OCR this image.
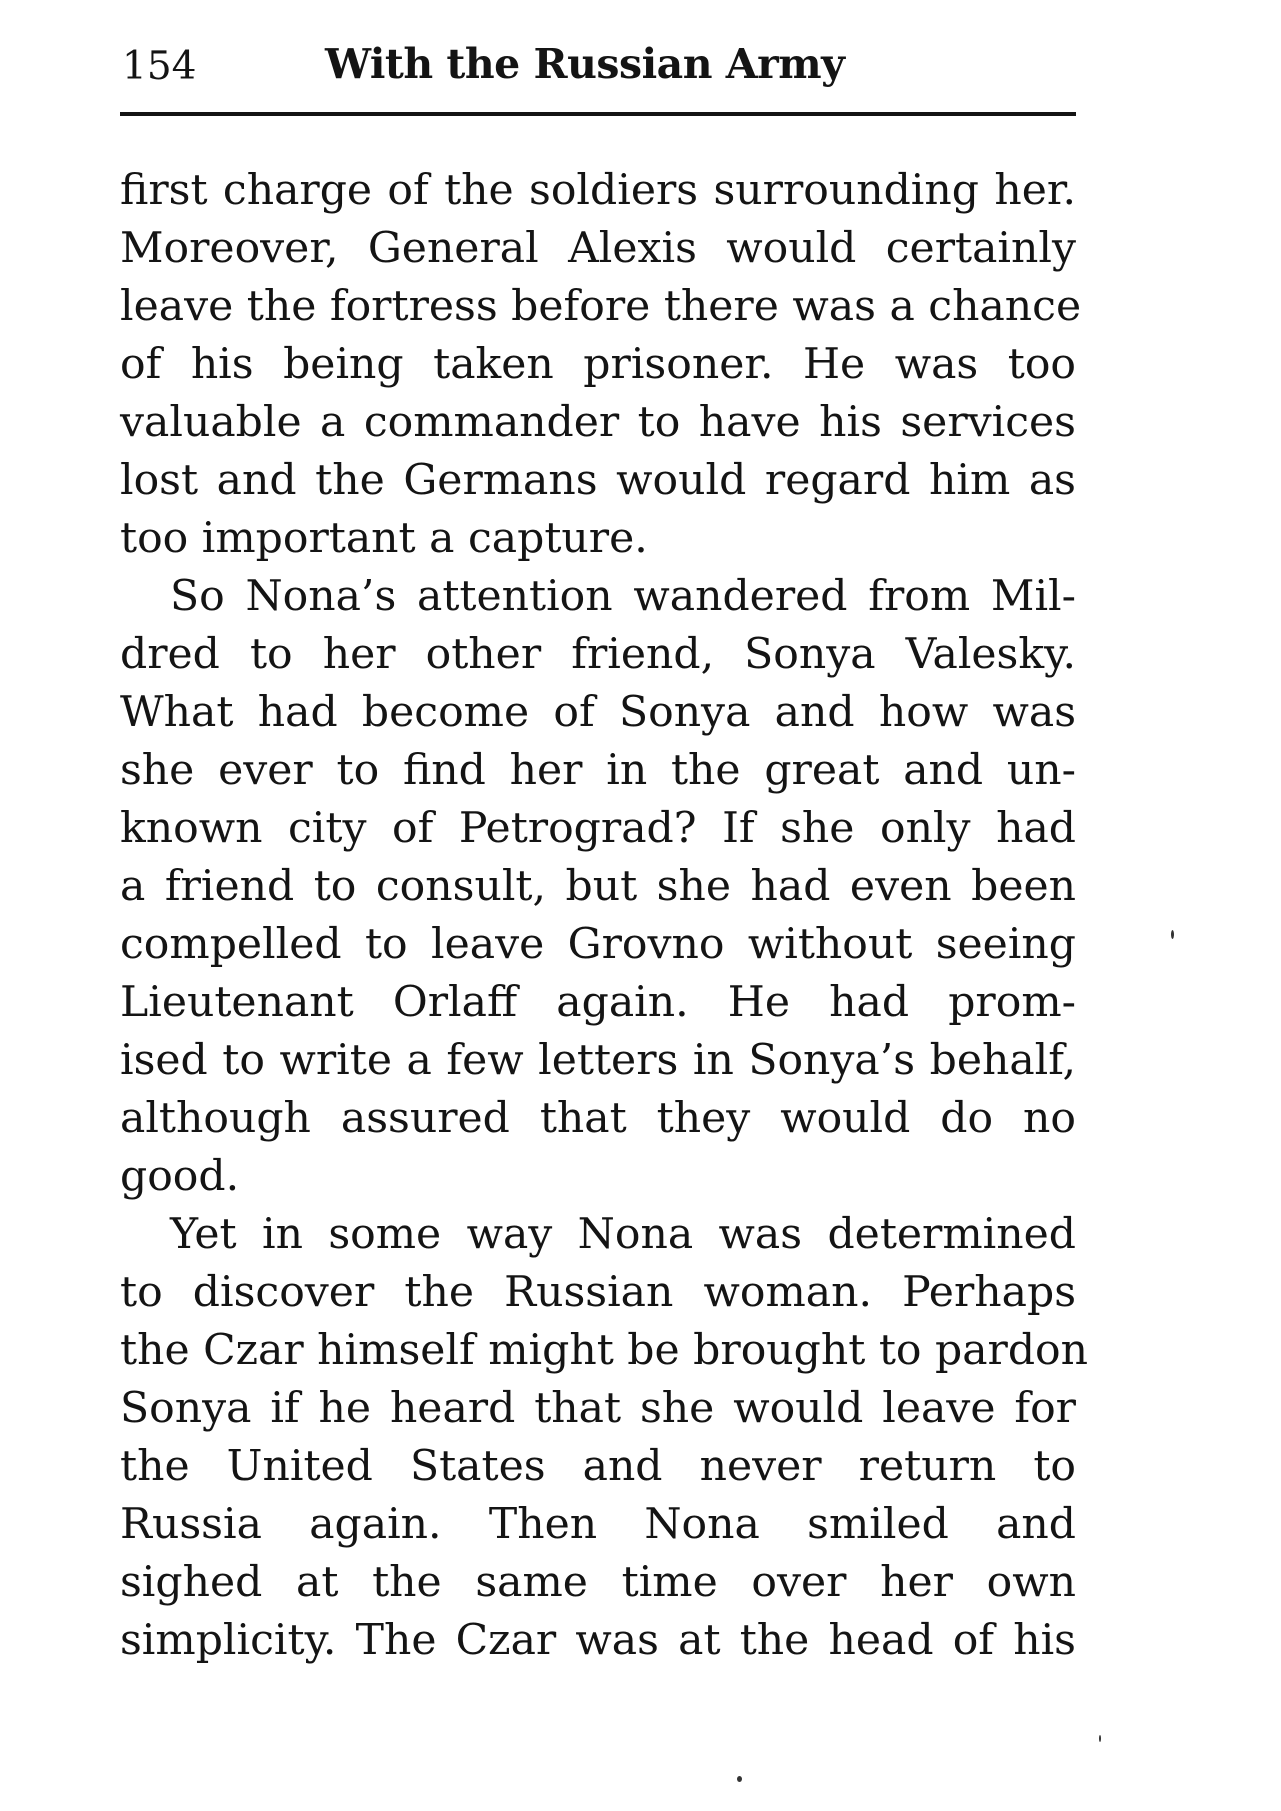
154	With the Russian Army
first charge of the soldiers surrounding her.
Moreover, General Alexis would certainly
leave the fortress before there was a chance
of his being taken prisoner. He was too
valuable a commander to have his services
lost and the Germans would regard him as
too important a capture.
So Nona’s attention wandered from Mil-
dred to her other friend, Sonya Valesky.
What had become of Sonya and how was
she ever to find her in the great and un-
known city of Petrograd? If she only had
a friend to consult, but she had even been
compelled to leave Grovno without seeing
Lieutenant Orlaff again. He had prom-
ised to write a few letters in Sonya’s behalf,
although assured that they would do no
good.
Yet in some way Nona was determined
to discover the Russian woman. Perhaps
the Czar himself might be brought to pardon
Sonya if he heard that she would leave for
the United States and never return to
Russia again. Then Nona smiled and
sighed at the same time over her own
simplicity. The Czar was at the head of his
